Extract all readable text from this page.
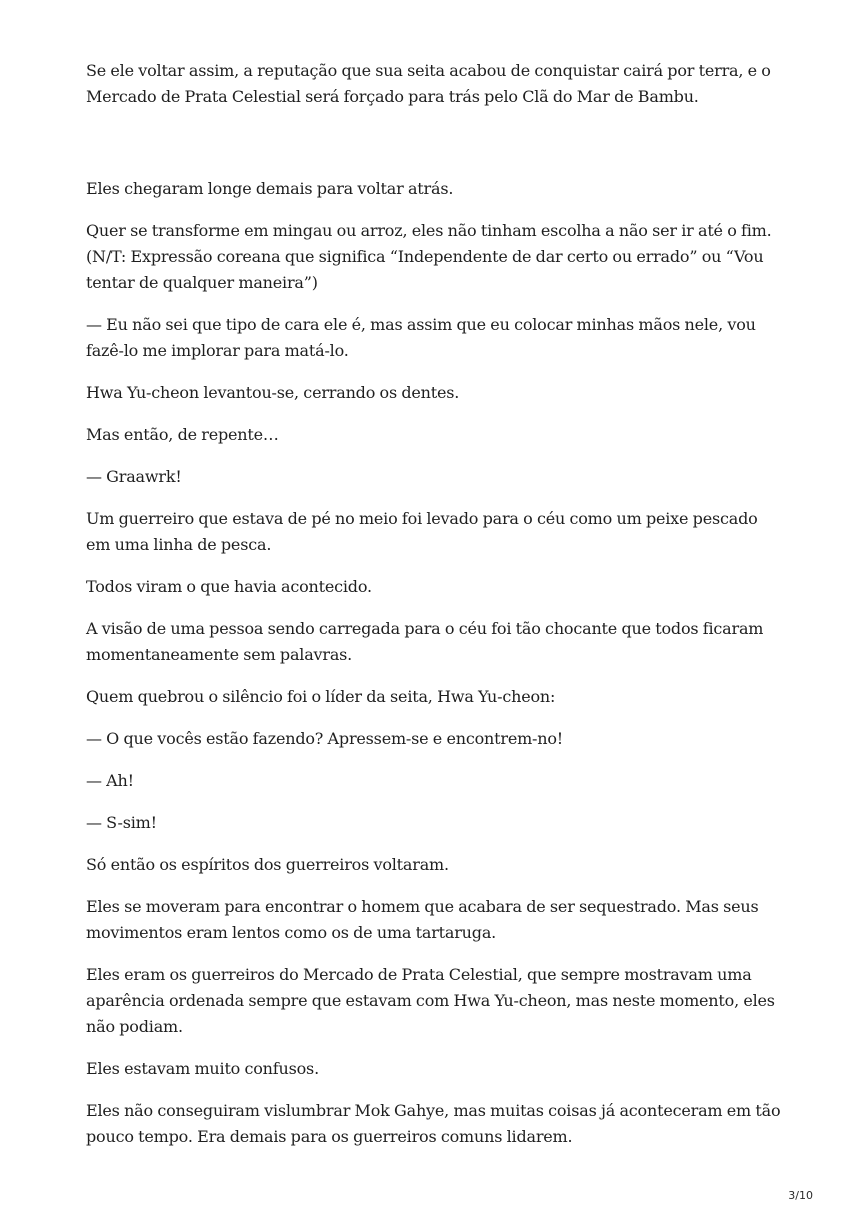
Se ele voltar assim, a reputação que sua seita acabou de conquistar cairá por terra, e o Mercado de Prata Celestial será forçado para trás pelo Clã do Mar de Bambu.

Eles chegaram longe demais para voltar atrás.

Quer se transforme em mingau ou arroz, eles não tinham escolha a não ser ir até o fim. (N/T: Expressão coreana que significa “Independente de dar certo ou errado” ou “Vou tentar de qualquer maneira”)

— Eu não sei que tipo de cara ele é, mas assim que eu colocar minhas mãos nele, vou fazê-lo me implorar para matá-lo.

Hwa Yu-cheon levantou-se, cerrando os dentes.

Mas então, de repente…

— Graawrk!

Um guerreiro que estava de pé no meio foi levado para o céu como um peixe pescado em uma linha de pesca.

Todos viram o que havia acontecido.

A visão de uma pessoa sendo carregada para o céu foi tão chocante que todos ficaram momentaneamente sem palavras.

Quem quebrou o silêncio foi o líder da seita, Hwa Yu-cheon:

— O que vocês estão fazendo? Apressem-se e encontrem-no!

— Ah!

— S-sim!

Só então os espíritos dos guerreiros voltaram.

Eles se moveram para encontrar o homem que acabara de ser sequestrado. Mas seus movimentos eram lentos como os de uma tartaruga.

Eles eram os guerreiros do Mercado de Prata Celestial, que sempre mostravam uma aparência ordenada sempre que estavam com Hwa Yu-cheon, mas neste momento, eles não podiam.

Eles estavam muito confusos.

Eles não conseguiram vislumbrar Mok Gahye, mas muitas coisas já aconteceram em tão pouco tempo. Era demais para os guerreiros comuns lidarem.

3/10
